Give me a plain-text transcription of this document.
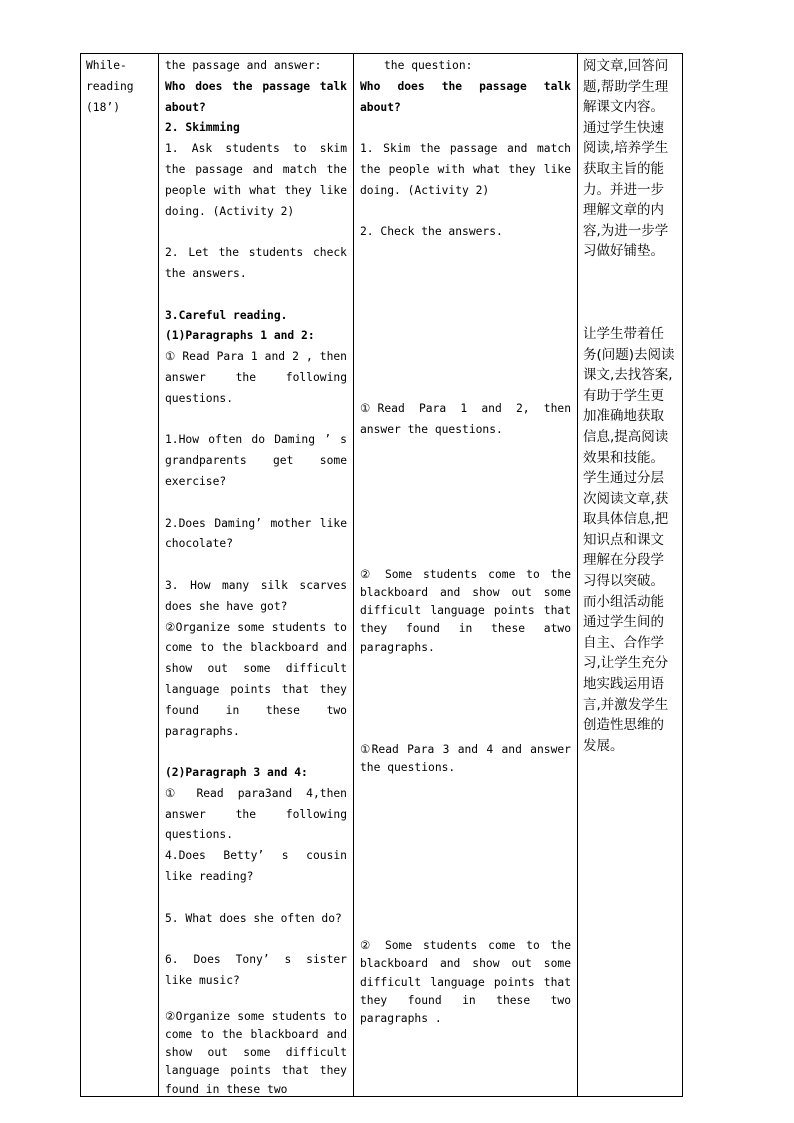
While-reading

(18’)

the passage and answer:

Who does the passage talk about?

2. Skimming

1. Ask students to skim the passage and match the people with what they like doing. (Activity 2)

2. Let the students check the answers.

3.Careful reading.

(1)Paragraphs 1 and 2:

① Read Para 1 and 2 , then answer the following questions.

1.How often do Daming ’ s grandparents get some exercise?

2.Does Daming’ mother like chocolate?

3. How many silk scarves does she have got?

②Organize some students to come to the blackboard and show out some difficult language points that they found in these two paragraphs.

(2)Paragraph 3 and 4:

① Read para3and 4,then answer the following questions.

4.Does Betty’ s cousin like reading?

5. What does she often do?

6. Does Tony’ s sister like music?

②Organize some students to come to the blackboard and show out some difficult language points that they found in these two

the question:

Who does the passage talk about?

1. Skim the passage and match the people with what they like doing. (Activity 2)

2. Check the answers.

①Read Para 1 and 2, then answer the questions.

② Some students come to the blackboard and show out some difficult language points that they found in these atwo paragraphs.

①Read Para 3 and 4 and answer the questions.

② Some students come to the blackboard and show out some difficult language points that they found in these two paragraphs .

阅文章,回答问题,帮助学生理解课文内容。通过学生快速阅读,培养学生获取主旨的能力。并进一步理解文章的内容,为进一步学习做好铺垫。

让学生带着任务(问题)去阅读课文,去找答案,有助于学生更加准确地获取信息,提高阅读效果和技能。学生通过分层次阅读文章,获取具体信息,把知识点和课文理解在分段学习得以突破。而小组活动能通过学生间的自主、合作学习,让学生充分地实践运用语言,并激发学生创造性思维的发展。
